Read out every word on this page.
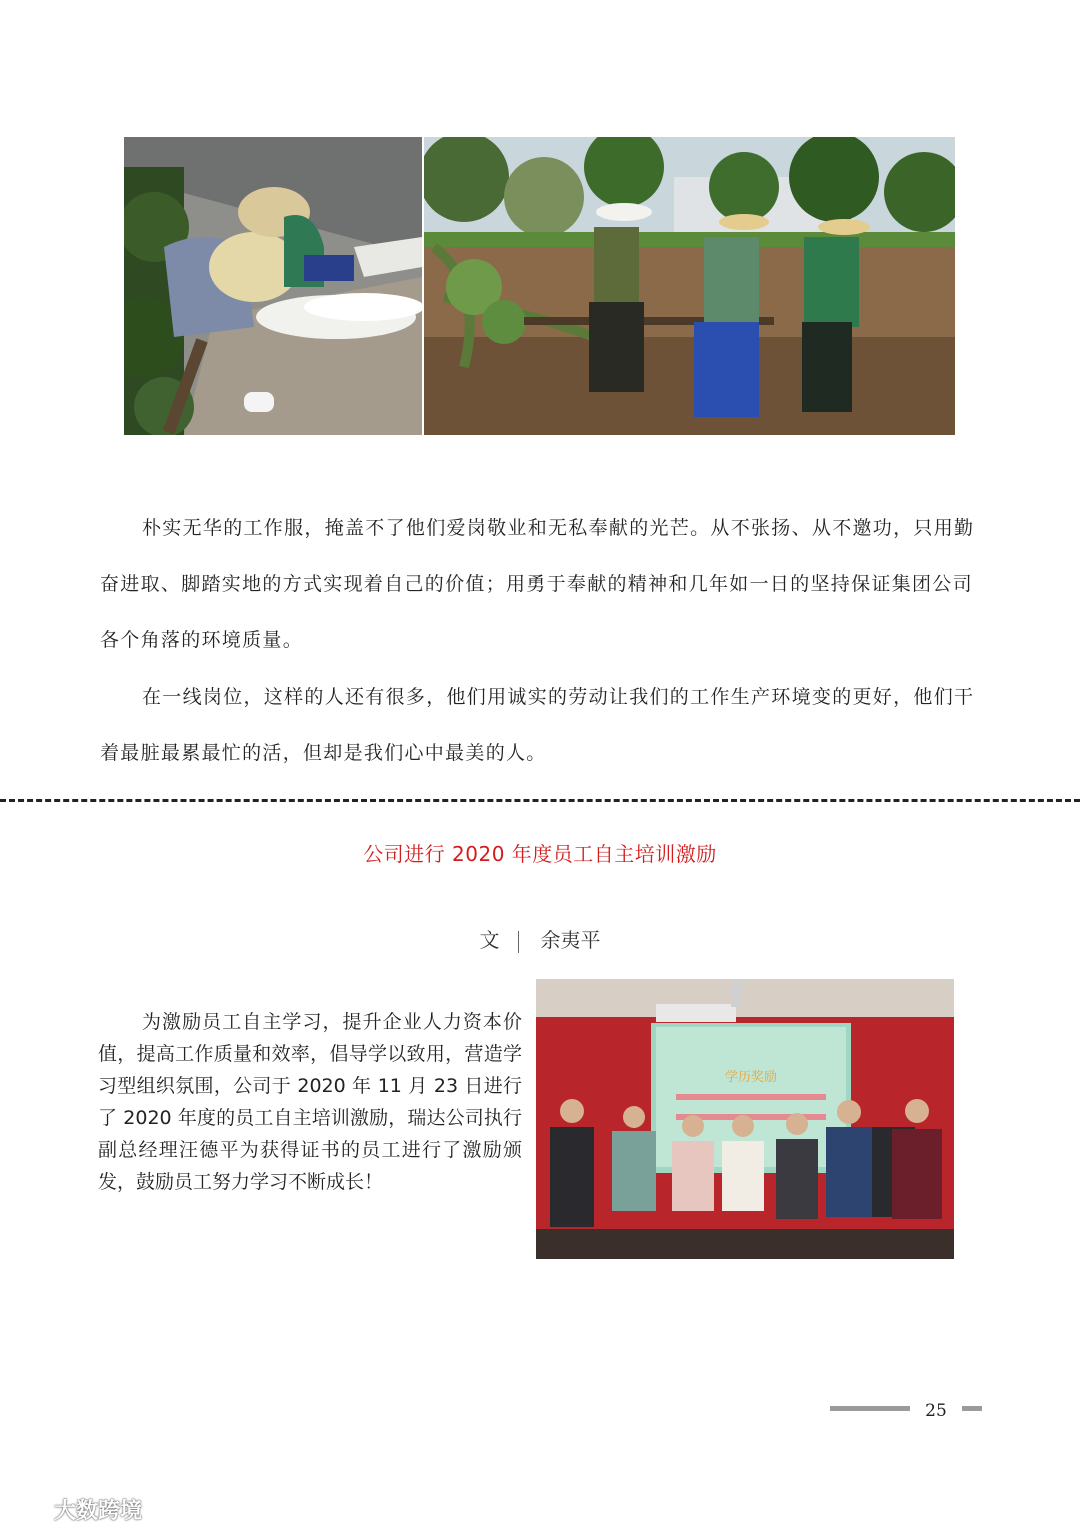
朴实无华的工作服，掩盖不了他们爱岗敬业和无私奉献的光芒。从不张扬、从不邀功，只用勤奋进取、脚踏实地的方式实现着自己的价值；用勇于奉献的精神和几年如一日的坚持保证集团公司各个角落的环境质量。

在一线岗位，这样的人还有很多，他们用诚实的劳动让我们的工作生产环境变的更好，他们干着最脏最累最忙的活，但却是我们心中最美的人。

公司进行 2020 年度员工自主培训激励
文 余夷平

为激励员工自主学习，提升企业人力资本价值，提高工作质量和效率，倡导学以致用，营造学习型组织氛围，公司于 2020 年 11 月 23 日进行了 2020 年度的员工自主培训激励，瑞达公司执行副总经理汪德平为获得证书的员工进行了激励颁发，鼓励员工努力学习不断成长！

学历奖励
25
大数跨境
